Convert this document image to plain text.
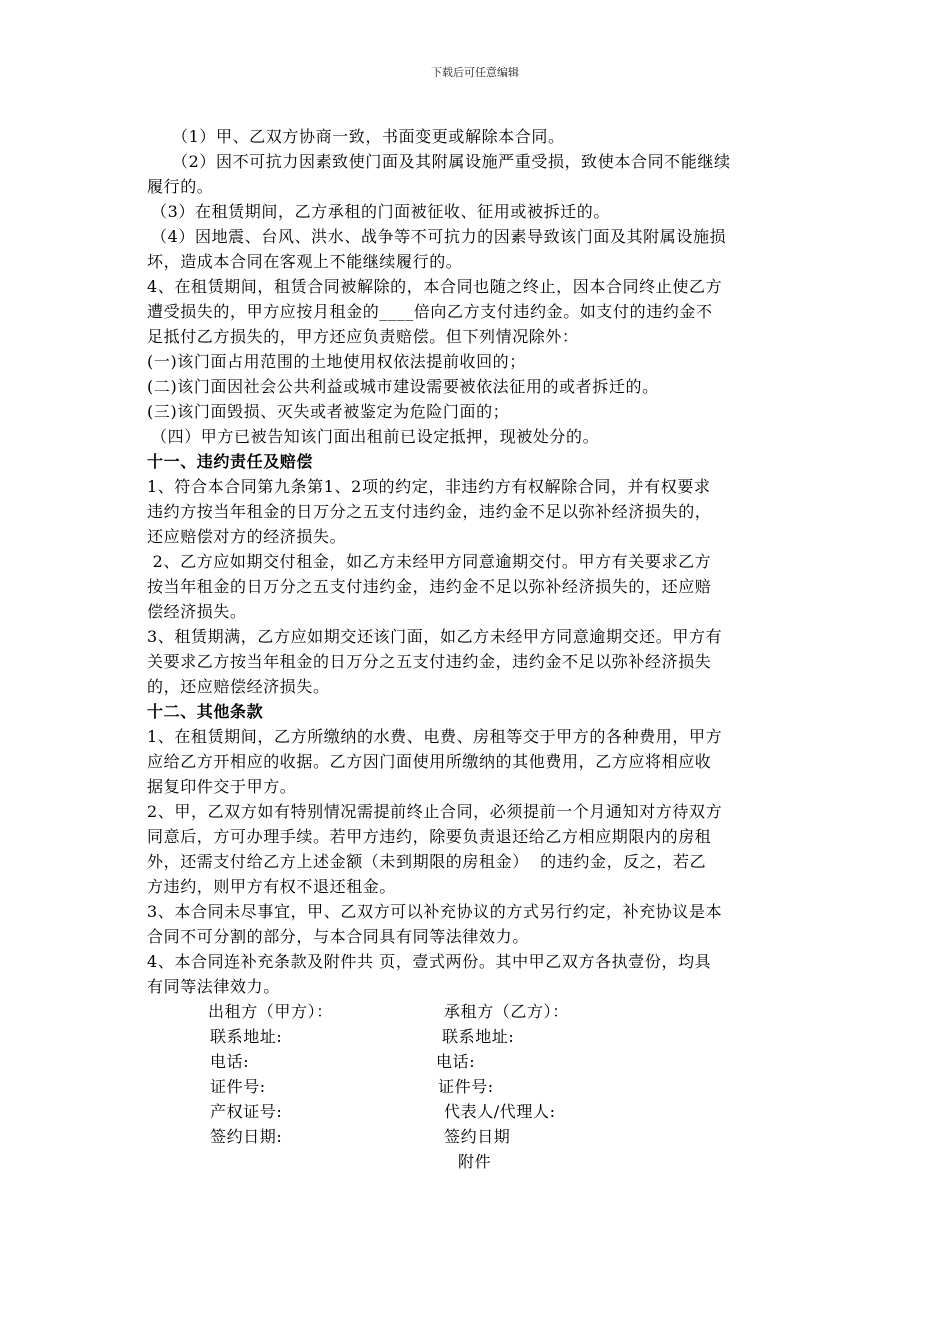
下载后可任意编辑
（1）甲、乙双方协商一致，书面变更或解除本合同。
（2）因不可抗力因素致使门面及其附属设施严重受损，致使本合同不能继续
履行的。
（3）在租赁期间，乙方承租的门面被征收、征用或被拆迁的。
（4）因地震、台风、洪水、战争等不可抗力的因素导致该门面及其附属设施损
坏，造成本合同在客观上不能继续履行的。
4、在租赁期间，租赁合同被解除的，本合同也随之终止，因本合同终止使乙方
遭受损失的，甲方应按月租金的____倍向乙方支付违约金。如支付的违约金不
足抵付乙方损失的，甲方还应负责赔偿。但下列情况除外：
(一)该门面占用范围的土地使用权依法提前收回的；
(二)该门面因社会公共利益或城市建设需要被依法征用的或者拆迁的。
(三)该门面毁损、灭失或者被鉴定为危险门面的；
（四）甲方已被告知该门面出租前已设定抵押，现被处分的。
十一、违约责任及赔偿
1、符合本合同第九条第1、2项的约定，非违约方有权解除合同，并有权要求
违约方按当年租金的日万分之五支付违约金，违约金不足以弥补经济损失的，
还应赔偿对方的经济损失。
2、乙方应如期交付租金，如乙方未经甲方同意逾期交付。甲方有关要求乙方
按当年租金的日万分之五支付违约金，违约金不足以弥补经济损失的，还应赔
偿经济损失。
3、租赁期满，乙方应如期交还该门面，如乙方未经甲方同意逾期交还。甲方有
关要求乙方按当年租金的日万分之五支付违约金，违约金不足以弥补经济损失
的，还应赔偿经济损失。
十二、其他条款
1、在租赁期间，乙方所缴纳的水费、电费、房租等交于甲方的各种费用，甲方
应给乙方开相应的收据。乙方因门面使用所缴纳的其他费用，乙方应将相应收
据复印件交于甲方。
2、甲，乙双方如有特别情况需提前终止合同，必须提前一个月通知对方待双方
同意后，方可办理手续。若甲方违约，除要负责退还给乙方相应期限内的房租
外，还需支付给乙方上述金额（未到期限的房租金）  的违约金，反之，若乙
方违约，则甲方有权不退还租金。
3、本合同未尽事宜，甲、乙双方可以补充协议的方式另行约定，补充协议是本
合同不可分割的部分，与本合同具有同等法律效力。
4、本合同连补充条款及附件共 页，壹式两份。其中甲乙双方各执壹份，均具
有同等法律效力。
出租方（甲方）：
联系地址:
电话:
证件号:
产权证号:
签约日期:
承租方（乙方）：
联系地址:
电话:
证件号:
代表人/代理人:
签约日期
附件
